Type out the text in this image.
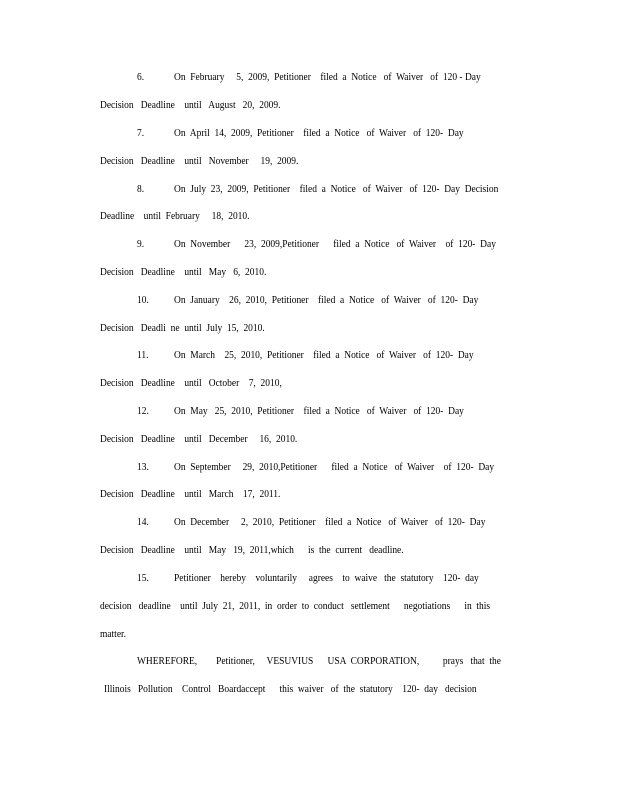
6.	On  February     5,  2009,  Petitioner    filed  a  Notice   of  Waiver   of  120 - Day
Decision   Deadline    until   August   20,  2009.
7.	On  April  14,  2009,  Petitioner    filed  a  Notice   of  Waiver   of  120-  Day
Decision   Deadline    until   November     19,  2009.
8.	On  July  23,  2009,  Petitioner    filed  a  Notice   of  Waiver   of  120-  Day  Decision
Deadline    until  February     18,  2010.
9.	On  November      23,  2009,Petitioner      filed  a  Notice   of  Waiver    of  120-  Day
Decision   Deadline    until   May   6,  2010.
10. On  January    26,  2010,  Petitioner    filed  a  Notice   of  Waiver   of  120-  Day
Decision   Deadli  ne  until  July  15,  2010.
11. On  March    25,  2010,  Petitioner    filed  a  Notice   of  Waiver   of  120-  Day
Decision   Deadline    until   October    7,  2010,
12. On  May   25,  2010,  Petitioner    filed  a  Notice   of  Waiver   of  120-  Day
Decision   Deadline    until   December     16,  2010.
13. On  September     29,  2010,Petitioner      filed  a  Notice   of  Waiver    of  120-  Day
Decision   Deadline    until   March    17,  2011.
14. On  December     2,  2010,  Petitioner    filed  a  Notice   of  Waiver   of  120-  Day
Decision   Deadline    until   May   19,  2011,which      is  the  current   deadline.
15. Petitioner    hereby    voluntarily     agrees    to  waive   the  statutory    120-  day
decision   deadline    until  July  21,  2011,  in  order  to  conduct   settlement      negotiations      in  this
matter.
WHEREFORE,        Petitioner,     VESUVIUS      USA  CORPORATION,          prays   that  the
Illinois   Pollution    Control   Boardaccept      this  waiver   of  the  statutory    120-  day   decision
